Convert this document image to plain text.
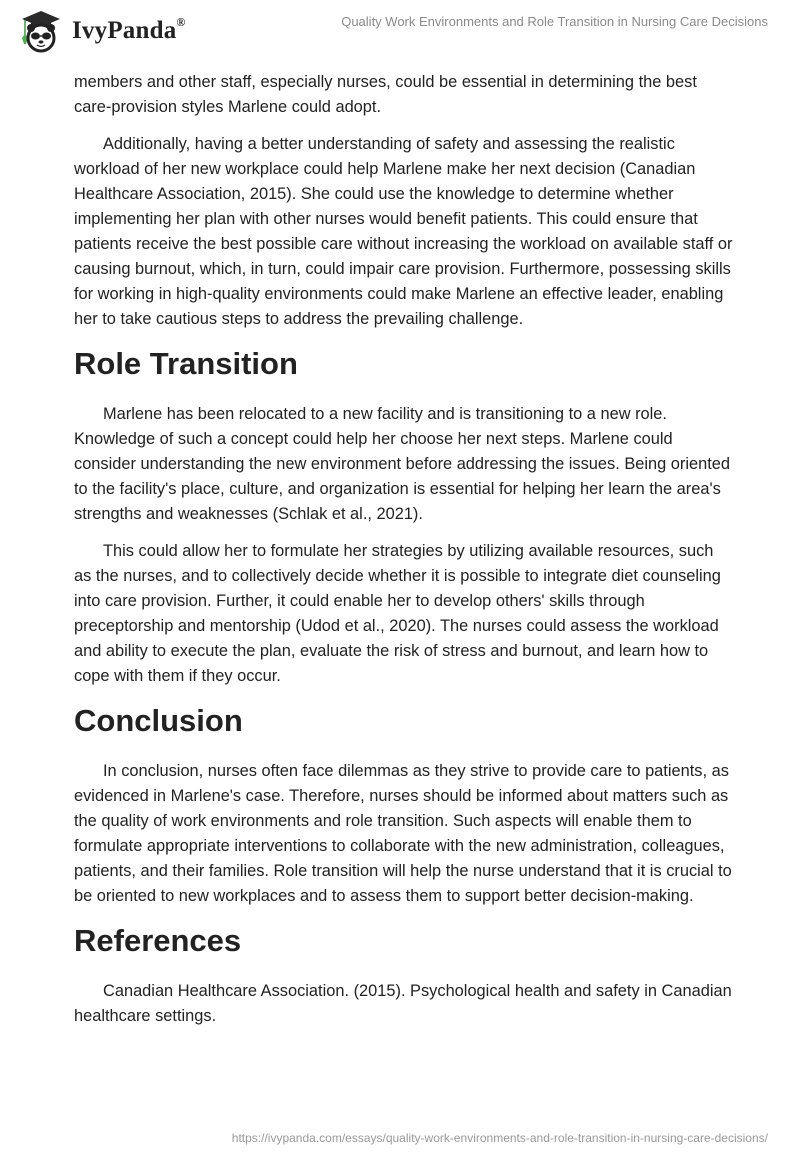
IvyPanda®	Quality Work Environments and Role Transition in Nursing Care Decisions

members and other staff, especially nurses, could be essential in determining the best care-provision styles Marlene could adopt.

Additionally, having a better understanding of safety and assessing the realistic workload of her new workplace could help Marlene make her next decision (Canadian Healthcare Association, 2015). She could use the knowledge to determine whether implementing her plan with other nurses would benefit patients. This could ensure that patients receive the best possible care without increasing the workload on available staff or causing burnout, which, in turn, could impair care provision. Furthermore, possessing skills for working in high-quality environments could make Marlene an effective leader, enabling her to take cautious steps to address the prevailing challenge.

Role Transition

Marlene has been relocated to a new facility and is transitioning to a new role. Knowledge of such a concept could help her choose her next steps. Marlene could consider understanding the new environment before addressing the issues. Being oriented to the facility's place, culture, and organization is essential for helping her learn the area's strengths and weaknesses (Schlak et al., 2021).

This could allow her to formulate her strategies by utilizing available resources, such as the nurses, and to collectively decide whether it is possible to integrate diet counseling into care provision. Further, it could enable her to develop others' skills through preceptorship and mentorship (Udod et al., 2020). The nurses could assess the workload and ability to execute the plan, evaluate the risk of stress and burnout, and learn how to cope with them if they occur.

Conclusion

In conclusion, nurses often face dilemmas as they strive to provide care to patients, as evidenced in Marlene's case. Therefore, nurses should be informed about matters such as the quality of work environments and role transition. Such aspects will enable them to formulate appropriate interventions to collaborate with the new administration, colleagues, patients, and their families. Role transition will help the nurse understand that it is crucial to be oriented to new workplaces and to assess them to support better decision-making.

References

Canadian Healthcare Association. (2015). Psychological health and safety in Canadian healthcare settings.

https://ivypanda.com/essays/quality-work-environments-and-role-transition-in-nursing-care-decisions/
